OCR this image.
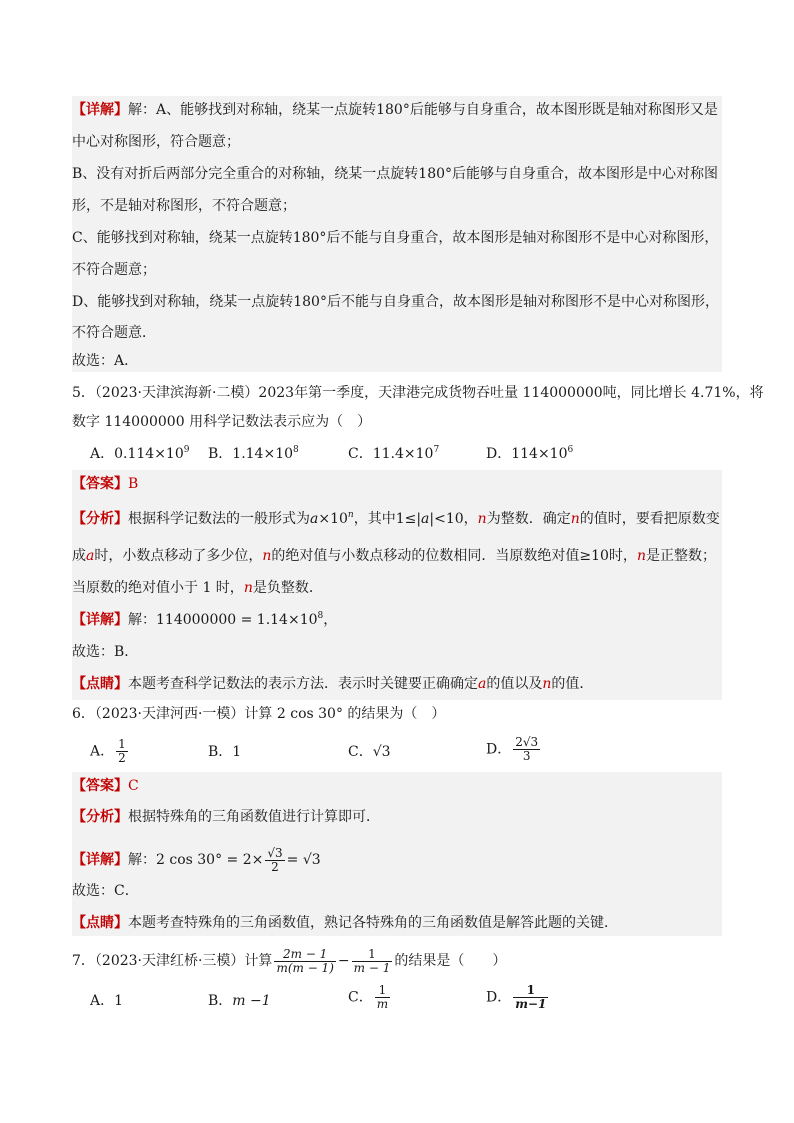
【详解】解：A、能够找到对称轴，绕某一点旋转180°后能够与自身重合，故本图形既是轴对称图形又是
中心对称图形，符合题意；
B、没有对折后两部分完全重合的对称轴，绕某一点旋转180°后能够与自身重合，故本图形是中心对称图
形，不是轴对称图形，不符合题意；
C、能够找到对称轴，绕某一点旋转180°后不能与自身重合，故本图形是轴对称图形不是中心对称图形，
不符合题意；
D、能够找到对称轴，绕某一点旋转180°后不能与自身重合，故本图形是轴对称图形不是中心对称图形，
不符合题意．
故选：A．
5．（2023·天津滨海新·二模）2023年第一季度，天津港完成货物吞吐量 114000000吨，同比增长 4.71%，将
数字 114000000 用科学记数法表示应为（　）
A．$0.114\times 10^9$ B．$1.14\times 10^8$	C．$11.4\times 10^7$	D．$114\times 10^6$
【答案】B
【分析】根据科学记数法的一般形式为$a\times 10^n$，其中1≤|a|<10，n为整数．确定n的值时，要看把原数变
成a时，小数点移动了多少位，n的绝对值与小数点移动的位数相同．当原数绝对值≥10时，n是正整数；
当原数的绝对值小于 1 时，n是负整数．
【详解】解：$114000000 = 1.14\times 10^8$，
故选：B．
【点睛】本题考查科学记数法的表示方法．表示时关键要正确确定a的值以及n的值．
6．（2023·天津河西·一模）计算 2 cos 30° 的结果为（　）
A． $\frac{1}{2}$	B．1	C．√3	D． $\frac{2√3}{3}$
【答案】C
【分析】根据特殊角的三角函数值进行计算即可．
【详解】解：2 $\cos 30^\circ = 2\times \frac{√3}{2} = √3$
故选：C．
【点睛】本题考查特殊角的三角函数值，熟记各特殊角的三角函数值是解答此题的关键．
7．（2023·天津红桥·三模）计算 $\frac{2m - 1}{m(m - 1)} - \frac{1}{m - 1}$ 的结果是（　　）
A．1	B．m −1	C． $\frac{1}{m}$	D． $\frac{1}{m-1}$
